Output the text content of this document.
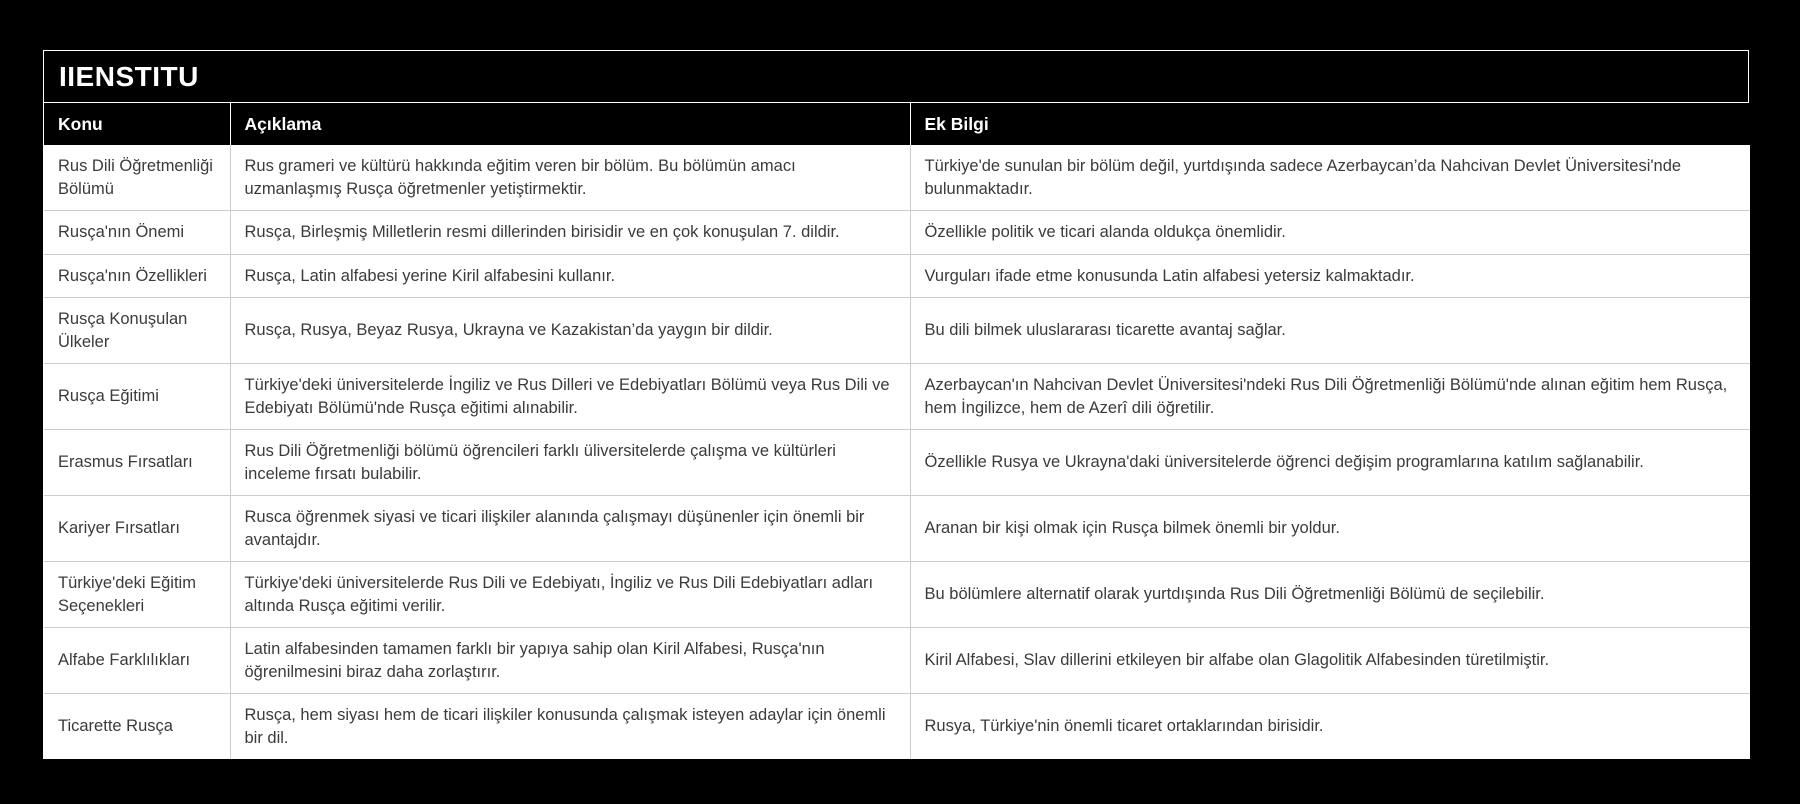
IIENSTITU
Konu	Açıklama	Ek Bilgi
Rus Dili Öğretmenliği Bölümü	Rus grameri ve kültürü hakkında eğitim veren bir bölüm. Bu bölümün amacı uzmanlaşmış Rusça öğretmenler yetiştirmektir.	Türkiye'de sunulan bir bölüm değil, yurtdışında sadece Azerbaycan’da Nahcivan Devlet Üniversitesi'nde bulunmaktadır.
Rusça'nın Önemi	Rusça, Birleşmiş Milletlerin resmi dillerinden birisidir ve en çok konuşulan 7. dildir.	Özellikle politik ve ticari alanda oldukça önemlidir.
Rusça'nın Özellikleri	Rusça, Latin alfabesi yerine Kiril alfabesini kullanır.	Vurguları ifade etme konusunda Latin alfabesi yetersiz kalmaktadır.
Rusça Konuşulan Ülkeler	Rusça, Rusya, Beyaz Rusya, Ukrayna ve Kazakistan’da yaygın bir dildir.	Bu dili bilmek uluslararası ticarette avantaj sağlar.
Rusça Eğitimi	Türkiye'deki üniversitelerde İngiliz ve Rus Dilleri ve Edebiyatları Bölümü veya Rus Dili ve Edebiyatı Bölümü'nde Rusça eğitimi alınabilir.	Azerbaycan'ın Nahcivan Devlet Üniversitesi'ndeki Rus Dili Öğretmenliği Bölümü'nde alınan eğitim hem Rusça, hem İngilizce, hem de Azerî dili öğretilir.
Erasmus Fırsatları	Rus Dili Öğretmenliği bölümü öğrencileri farklı üliversitelerde çalışma ve kültürleri inceleme fırsatı bulabilir.	Özellikle Rusya ve Ukrayna'daki üniversitelerde öğrenci değişim programlarına katılım sağlanabilir.
Kariyer Fırsatları	Rusca öğrenmek siyasi ve ticari ilişkiler alanında çalışmayı düşünenler için önemli bir avantajdır.	Aranan bir kişi olmak için Rusça bilmek önemli bir yoldur.
Türkiye'deki Eğitim Seçenekleri	Türkiye'deki üniversitelerde Rus Dili ve Edebiyatı, İngiliz ve Rus Dili Edebiyatları adları altında Rusça eğitimi verilir.	Bu bölümlere alternatif olarak yurtdışında Rus Dili Öğretmenliği Bölümü de seçilebilir.
Alfabe Farklılıkları	Latin alfabesinden tamamen farklı bir yapıya sahip olan Kiril Alfabesi, Rusça'nın öğrenilmesini biraz daha zorlaştırır.	Kiril Alfabesi, Slav dillerini etkileyen bir alfabe olan Glagolitik Alfabesinden türetilmiştir.
Ticarette Rusça	Rusça, hem siyası hem de ticari ilişkiler konusunda çalışmak isteyen adaylar için önemli bir dil.	Rusya, Türkiye'nin önemli ticaret ortaklarından birisidir.
